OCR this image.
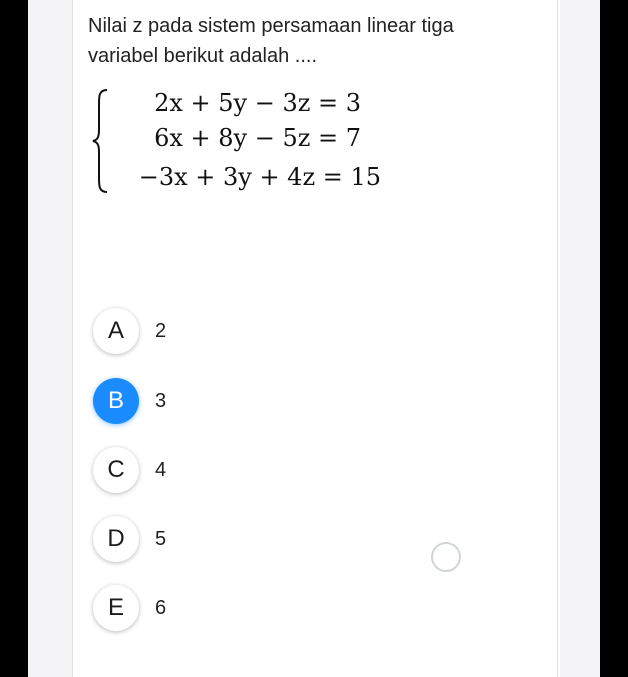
Nilai z pada sistem persamaan linear tiga variabel berikut adalah ....

2x + 5y − 3z = 3
6x + 8y − 5z = 7
−3x + 3y + 4z = 15
A	2
B	3
C	4
D	5
E	6
